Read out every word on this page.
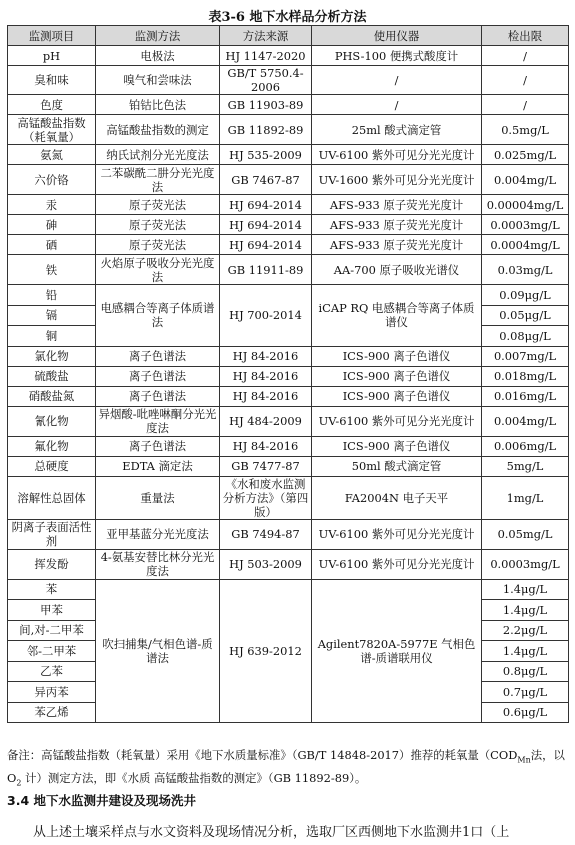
表3-6 地下水样品分析方法
监测项目	监测方法	方法来源	使用仪器	检出限
pH	电极法	HJ 1147-2020	PHS-100 便携式酸度计	/
臭和味	嗅气和尝味法	GB/T 5750.4-2006	/	/
色度	铂钴比色法	GB 11903-89	/	/
高锰酸盐指数（耗氧量）	高锰酸盐指数的测定	GB 11892-89	25ml 酸式滴定管	0.5mg/L
氨氮	纳氏试剂分光光度法	HJ 535-2009	UV-6100 紫外可见分光光度计	0.025mg/L
六价铬	二苯碳酰二肼分光光度法	GB 7467-87	UV-1600 紫外可见分光光度计	0.004mg/L
汞	原子荧光法	HJ 694-2014	AFS-933 原子荧光光度计	0.00004mg/L
砷	原子荧光法	HJ 694-2014	AFS-933 原子荧光光度计	0.0003mg/L
硒	原子荧光法	HJ 694-2014	AFS-933 原子荧光光度计	0.0004mg/L
铁	火焰原子吸收分光光度法	GB 11911-89	AA-700 原子吸收光谱仪	0.03mg/L
铅	电感耦合等离子体质谱法	HJ 700-2014	iCAP RQ 电感耦合等离子体质谱仪	0.09μg/L
镉				0.05μg/L
铜				0.08μg/L
氯化物	离子色谱法	HJ 84-2016	ICS-900 离子色谱仪	0.007mg/L
硫酸盐	离子色谱法	HJ 84-2016	ICS-900 离子色谱仪	0.018mg/L
硝酸盐氮	离子色谱法	HJ 84-2016	ICS-900 离子色谱仪	0.016mg/L
氰化物	异烟酸-吡唑啉酮分光光度法	HJ 484-2009	UV-6100 紫外可见分光光度计	0.004mg/L
氟化物	离子色谱法	HJ 84-2016	ICS-900 离子色谱仪	0.006mg/L
总硬度	EDTA 滴定法	GB 7477-87	50ml 酸式滴定管	5mg/L
溶解性总固体	重量法	《水和废水监测分析方法》（第四版）	FA2004N 电子天平	1mg/L
阴离子表面活性剂	亚甲基蓝分光光度法	GB 7494-87	UV-6100 紫外可见分光光度计	0.05mg/L
挥发酚	4-氨基安替比林分光光度法	HJ 503-2009	UV-6100 紫外可见分光光度计	0.0003mg/L
苯	吹扫捕集/气相色谱-质谱法	HJ 639-2012	Agilent7820A-5977E 气相色谱-质谱联用仪	1.4μg/L
甲苯				1.4μg/L
间,对-二甲苯				2.2μg/L
邻-二甲苯				1.4μg/L
乙苯				0.8μg/L
异丙苯				0.7μg/L
苯乙烯				0.6μg/L
备注：高锰酸盐指数（耗氧量）采用《地下水质量标准》（GB/T 14848-2017）推荐的耗氧量（$COD_{Mn}$法，以 $O_2$ 计）测定方法，即《水质 高锰酸盐指数的测定》（GB 11892-89）。
3.4 地下水监测井建设及现场洗井
从上述土壤采样点与水文资料及现场情况分析，选取厂区西侧地下水监测井1口（上
